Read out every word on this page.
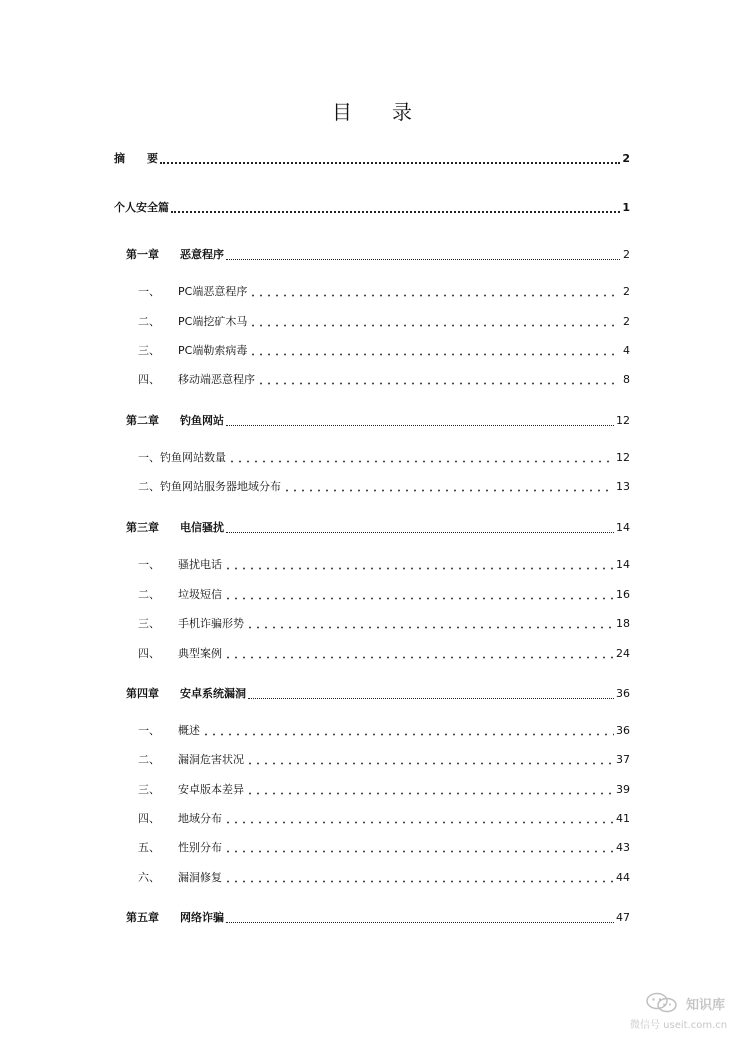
目 录
摘　　要	2
个人安全篇	1
第一章 恶意程序	2
一、 PC端恶意程序	2
二、 PC端挖矿木马	2
三、 PC端勒索病毒	4
四、 移动端恶意程序	8
第二章 钓鱼网站	12
一、钓鱼网站数量	12
二、钓鱼网站服务器地域分布	13
第三章 电信骚扰	14
一、 骚扰电话	14
二、 垃圾短信	16
三、 手机诈骗形势	18
四、 典型案例	24
第四章 安卓系统漏洞	36
一、 概述	36
二、 漏洞危害状况	37
三、 安卓版本差异	39
四、 地域分布	41
五、 性别分布	43
六、 漏洞修复	44
第五章 网络诈骗	47
知识库
微信号 useit.com.cn
